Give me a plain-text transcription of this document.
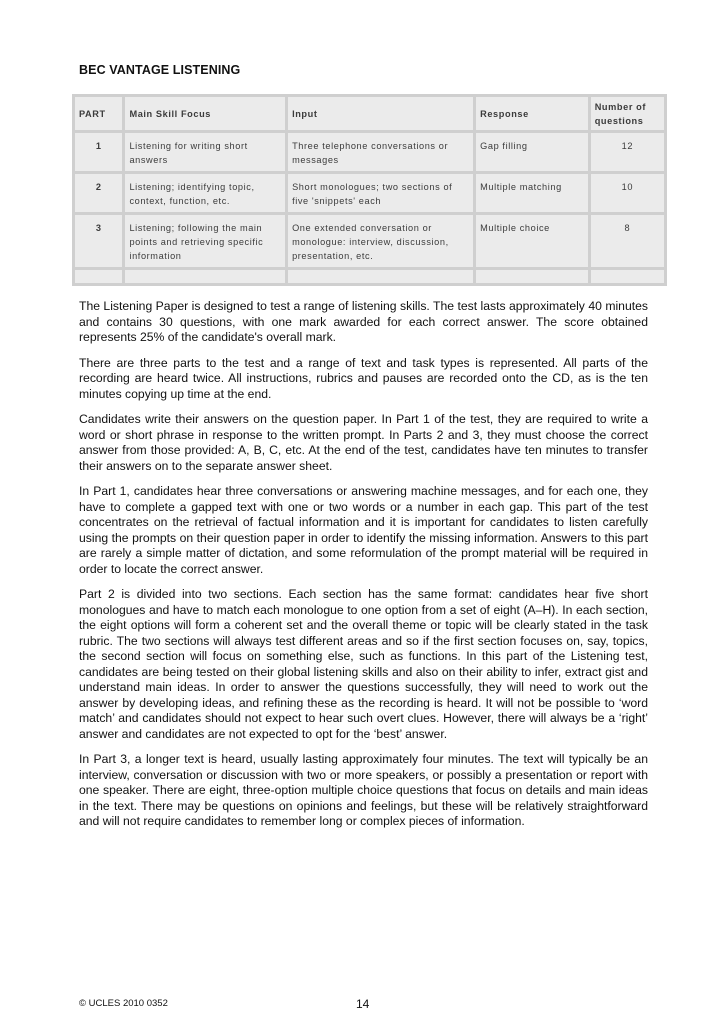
BEC VANTAGE LISTENING
PART	Main Skill Focus	Input	Response	Number of questions
1	Listening for writing short answers	Three telephone conversations or messages	Gap filling	12
2	Listening; identifying topic, context, function, etc.	Short monologues; two sections of five 'snippets' each	Multiple matching	10
3	Listening; following the main points and retrieving specific information	One extended conversation or monologue: interview, discussion, presentation, etc.	Multiple choice	8

The Listening Paper is designed to test a range of listening skills. The test lasts approximately 40 minutes and contains 30 questions, with one mark awarded for each correct answer. The score obtained represents 25% of the candidate's overall mark.

There are three parts to the test and a range of text and task types is represented. All parts of the recording are heard twice. All instructions, rubrics and pauses are recorded onto the CD, as is the ten minutes copying up time at the end.

Candidates write their answers on the question paper. In Part 1 of the test, they are required to write a word or short phrase in response to the written prompt. In Parts 2 and 3, they must choose the correct answer from those provided: A, B, C, etc. At the end of the test, candidates have ten minutes to transfer their answers on to the separate answer sheet.

In Part 1, candidates hear three conversations or answering machine messages, and for each one, they have to complete a gapped text with one or two words or a number in each gap. This part of the test concentrates on the retrieval of factual information and it is important for candidates to listen carefully using the prompts on their question paper in order to identify the missing information. Answers to this part are rarely a simple matter of dictation, and some reformulation of the prompt material will be required in order to locate the correct answer.

Part 2 is divided into two sections. Each section has the same format: candidates hear five short monologues and have to match each monologue to one option from a set of eight (A–H). In each section, the eight options will form a coherent set and the overall theme or topic will be clearly stated in the task rubric. The two sections will always test different areas and so if the first section focuses on, say, topics, the second section will focus on something else, such as functions. In this part of the Listening test, candidates are being tested on their global listening skills and also on their ability to infer, extract gist and understand main ideas. In order to answer the questions successfully, they will need to work out the answer by developing ideas, and refining these as the recording is heard. It will not be possible to ‘word match’ and candidates should not expect to hear such overt clues. However, there will always be a ‘right’ answer and candidates are not expected to opt for the ‘best’ answer.

In Part 3, a longer text is heard, usually lasting approximately four minutes. The text will typically be an interview, conversation or discussion with two or more speakers, or possibly a presentation or report with one speaker. There are eight, three-option multiple choice questions that focus on details and main ideas in the text. There may be questions on opinions and feelings, but these will be relatively straightforward and will not require candidates to remember long or complex pieces of information.

© UCLES 2010 0352	14
